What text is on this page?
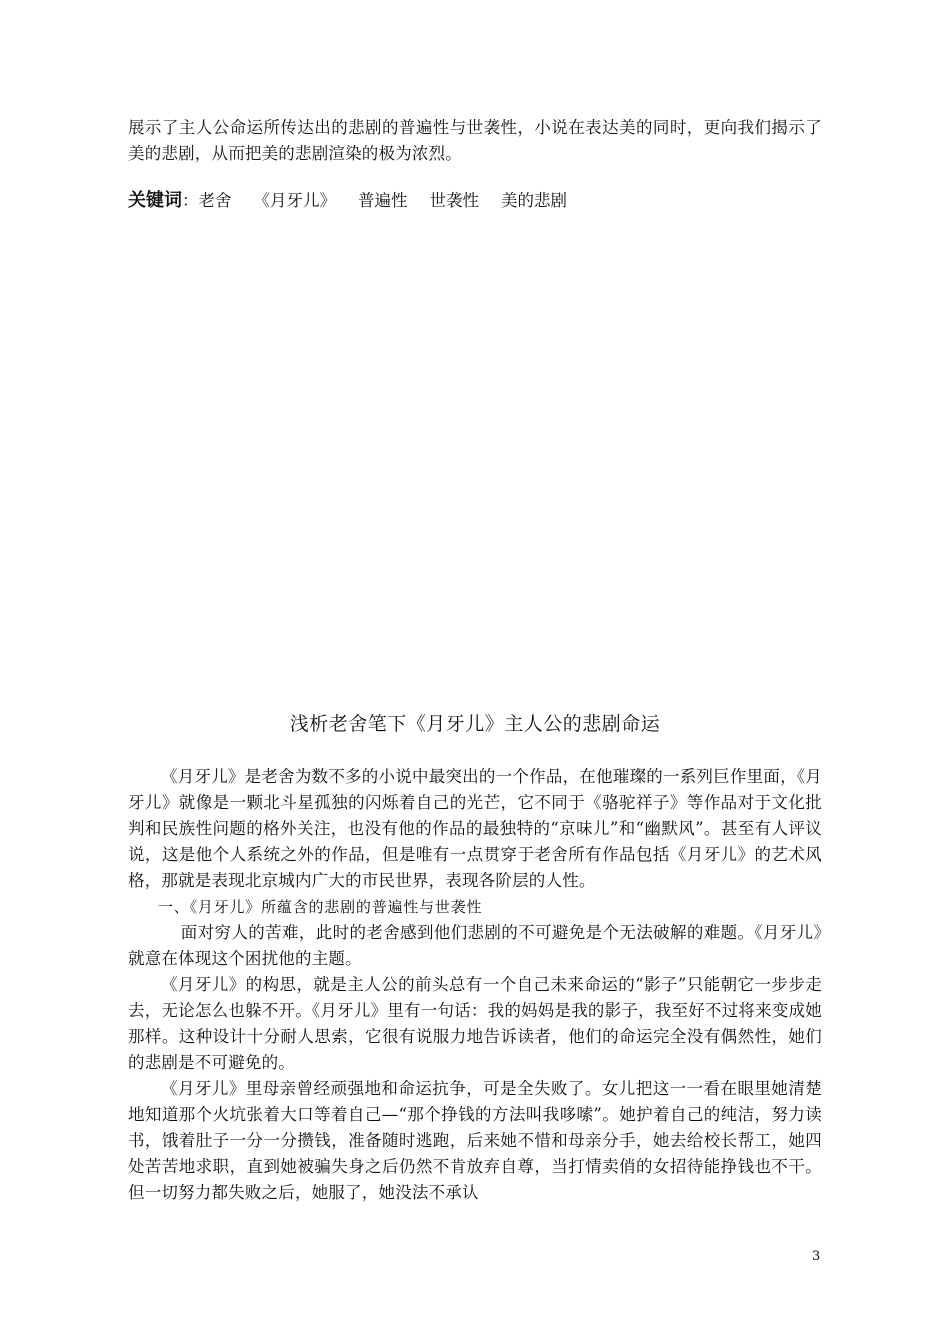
展示了主人公命运所传达出的悲剧的普遍性与世袭性，小说在表达美的同时，更向我们揭示了美的悲剧，从而把美的悲剧渲染的极为浓烈。
关键词：老舍 《月牙儿》 普遍性 世袭性 美的悲剧
浅析老舍笔下《月牙儿》主人公的悲剧命运

《月牙儿》是老舍为数不多的小说中最突出的一个作品，在他璀璨的一系列巨作里面，《月牙儿》就像是一颗北斗星孤独的闪烁着自己的光芒，它不同于《骆驼祥子》等作品对于文化批判和民族性问题的格外关注，也没有他的作品的最独特的“京味儿”和“幽默风”。甚至有人评议说，这是他个人系统之外的作品，但是唯有一点贯穿于老舍所有作品包括《月牙儿》的艺术风格，那就是表现北京城内广大的市民世界，表现各阶层的人性。

一、《月牙儿》所蕴含的悲剧的普遍性与世袭性

面对穷人的苦难，此时的老舍感到他们悲剧的不可避免是个无法破解的难题。《月牙儿》就意在体现这个困扰他的主题。

《月牙儿》的构思，就是主人公的前头总有一个自己未来命运的“影子”只能朝它一步步走去，无论怎么也躲不开。《月牙儿》里有一句话：我的妈妈是我的影子，我至好不过将来变成她那样。这种设计十分耐人思索，它很有说服力地告诉读者，他们的命运完全没有偶然性，她们的悲剧是不可避免的。

《月牙儿》里母亲曾经顽强地和命运抗争，可是全失败了。女儿把这一一看在眼里她清楚地知道那个火坑张着大口等着自己—“那个挣钱的方法叫我哆嗦”。她护着自己的纯洁，努力读书，饿着肚子一分一分攒钱，准备随时逃跑，后来她不惜和母亲分手，她去给校长帮工，她四处苦苦地求职，直到她被骗失身之后仍然不肯放弃自尊，当打情卖俏的女招待能挣钱也不干。但一切努力都失败之后，她服了，她没法不承认

3
